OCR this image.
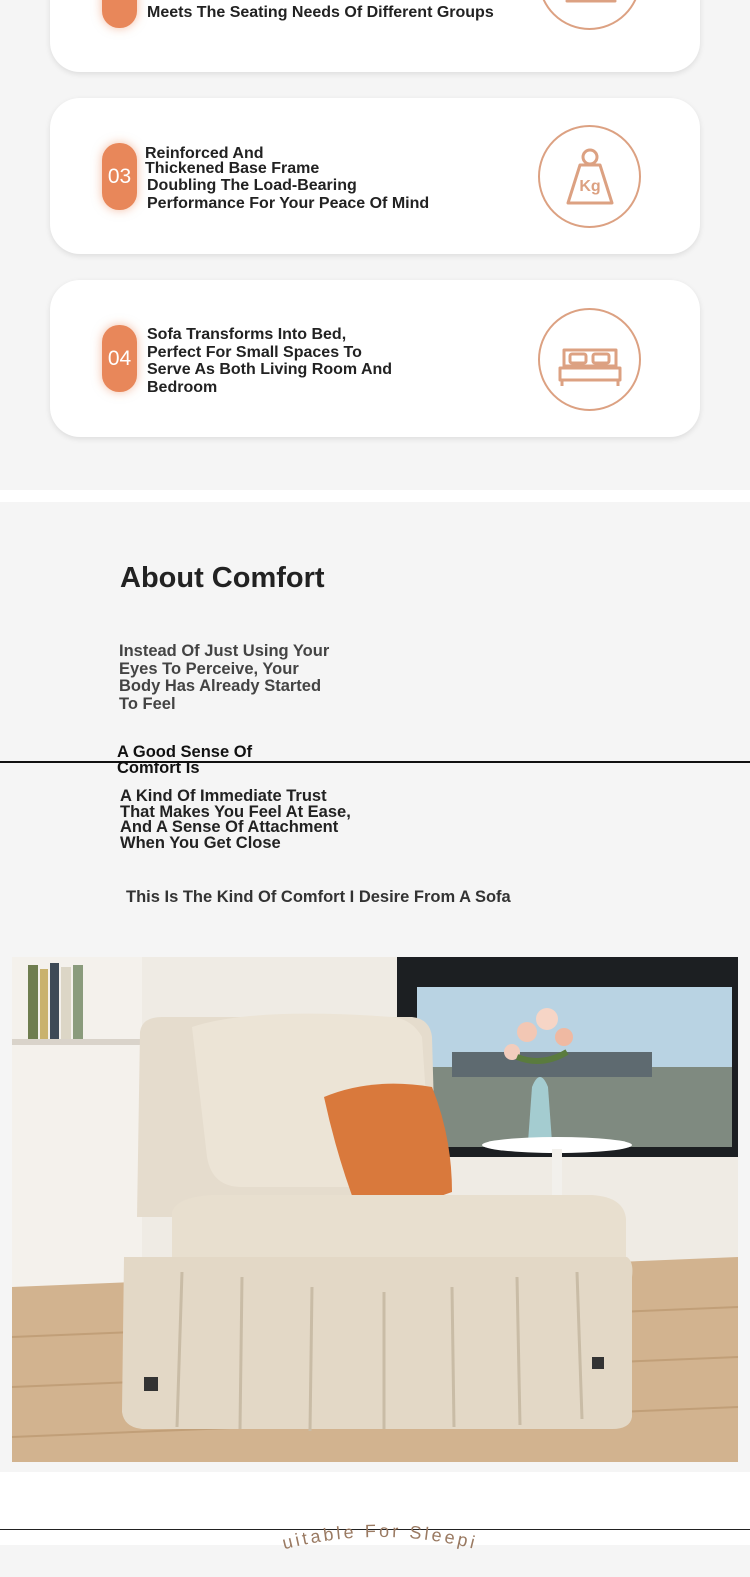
Meets The Seating Needs Of Different Groups
03
Reinforced And
Thickened Base Frame
Doubling The Load-Bearing
Performance For Your Peace Of Mind
Kg
04
Sofa Transforms Into Bed,
Perfect For Small Spaces To
Serve As Both Living Room And
Bedroom
About Comfort
Instead Of Just Using Your
Eyes To Perceive, Your
Body Has Already Started
To Feel
A Good Sense Of
Comfort Is
A Kind Of Immediate Trust
That Makes You Feel At Ease,
And A Sense Of Attachment
When You Get Close
This Is The Kind Of Comfort I Desire From A Sofa
uitable For Sleepi
